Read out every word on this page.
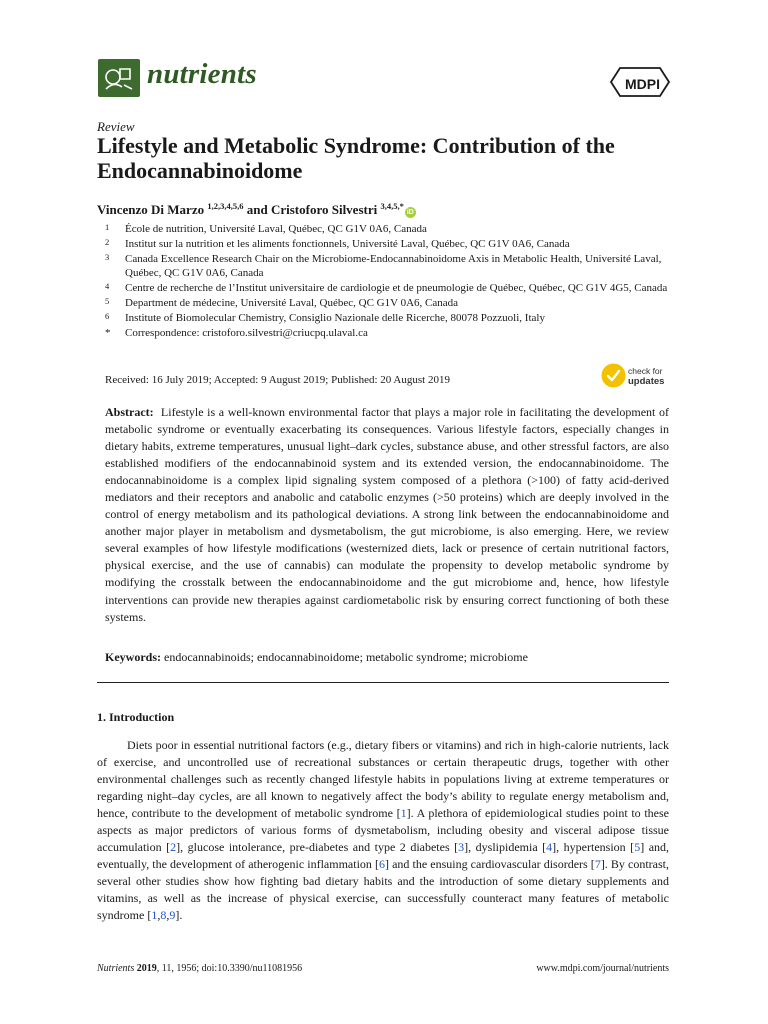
nutrients	MDPI
Review
Lifestyle and Metabolic Syndrome: Contribution of the Endocannabinoidome
Vincenzo Di Marzo $^{1,2,3,4,5,6}$ and Cristoforo Silvestri $^{3,4,5,*}$iD
1 École de nutrition, Université Laval, Québec, QC G1V 0A6, Canada
2 Institut sur la nutrition et les aliments fonctionnels, Université Laval, Québec, QC G1V 0A6, Canada
3 Canada Excellence Research Chair on the Microbiome-Endocannabinoidome Axis in Metabolic Health, Université Laval, Québec, QC G1V 0A6, Canada
4 Centre de recherche de l’Institut universitaire de cardiologie et de pneumologie de Québec, Québec, QC G1V 4G5, Canada
5 Department de médecine, Université Laval, Québec, QC G1V 0A6, Canada
6 Institute of Biomolecular Chemistry, Consiglio Nazionale delle Ricerche, 80078 Pozzuoli, Italy
* Correspondence: cristoforo.silvestri@criucpq.ulaval.ca
Received: 16 July 2019; Accepted: 9 August 2019; Published: 20 August 2019
check for
updates

Abstract: Lifestyle is a well-known environmental factor that plays a major role in facilitating the development of metabolic syndrome or eventually exacerbating its consequences. Various lifestyle factors, especially changes in dietary habits, extreme temperatures, unusual light–dark cycles, substance abuse, and other stressful factors, are also established modifiers of the endocannabinoid system and its extended version, the endocannabinoidome. The endocannabinoidome is a complex lipid signaling system composed of a plethora (>100) of fatty acid-derived mediators and their receptors and anabolic and catabolic enzymes (>50 proteins) which are deeply involved in the control of energy metabolism and its pathological deviations. A strong link between the endocannabinoidome and another major player in metabolism and dysmetabolism, the gut microbiome, is also emerging. Here, we review several examples of how lifestyle modifications (westernized diets, lack or presence of certain nutritional factors, physical exercise, and the use of cannabis) can modulate the propensity to develop metabolic syndrome by modifying the crosstalk between the endocannabinoidome and the gut microbiome and, hence, how lifestyle interventions can provide new therapies against cardiometabolic risk by ensuring correct functioning of both these systems.

Keywords: endocannabinoids; endocannabinoidome; metabolic syndrome; microbiome

1. Introduction

Diets poor in essential nutritional factors (e.g., dietary fibers or vitamins) and rich in high-calorie nutrients, lack of exercise, and uncontrolled use of recreational substances or certain therapeutic drugs, together with other environmental challenges such as recently changed lifestyle habits in populations living at extreme temperatures or regarding night–day cycles, are all known to negatively affect the body’s ability to regulate energy metabolism and, hence, contribute to the development of metabolic syndrome [1]. A plethora of epidemiological studies point to these aspects as major predictors of various forms of dysmetabolism, including obesity and visceral adipose tissue accumulation [2], glucose intolerance, pre-diabetes and type 2 diabetes [3], dyslipidemia [4], hypertension [5] and, eventually, the development of atherogenic inflammation [6] and the ensuing cardiovascular disorders [7]. By contrast, several other studies show how fighting bad dietary habits and the introduction of some dietary supplements and vitamins, as well as the increase of physical exercise, can successfully counteract many features of metabolic syndrome [1,8,9].

Nutrients 2019, 11, 1956; doi:10.3390/nu11081956	www.mdpi.com/journal/nutrients
